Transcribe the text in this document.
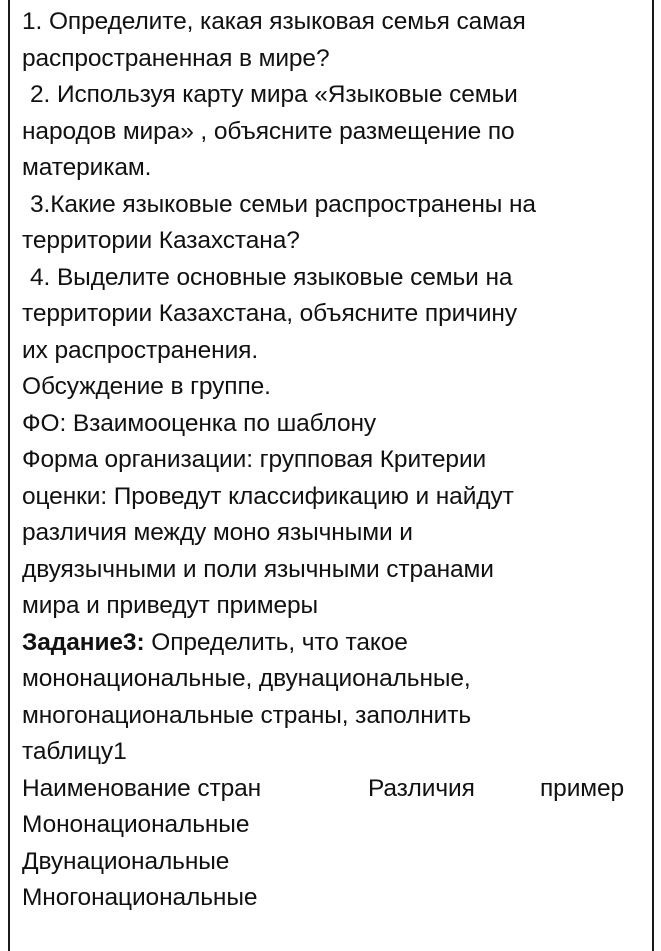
1. Определите, какая языковая семья самая
распространенная в мире?
2. Используя карту мира «Языковые семьи
народов мира» , объясните размещение по
материкам.
3.Какие языковые семьи распространены на
территории Казахстана?
4. Выделите основные языковые семьи на
территории Казахстана, объясните причину
их распространения.
Обсуждение в группе.
ФО: Взаимооценка по шаблону
Форма организации: групповая Критерии
оценки: Проведут классификацию и найдут
различия между моно язычными и
двуязычными и поли язычными странами
мира и приведут примеры
Задание3: Определить, что такое
мононациональные, двунациональные,
многонациональные страны, заполнить
таблицу1
Наименование стран	Различия	пример
Мононациональные
Двунациональные
Многонациональные
